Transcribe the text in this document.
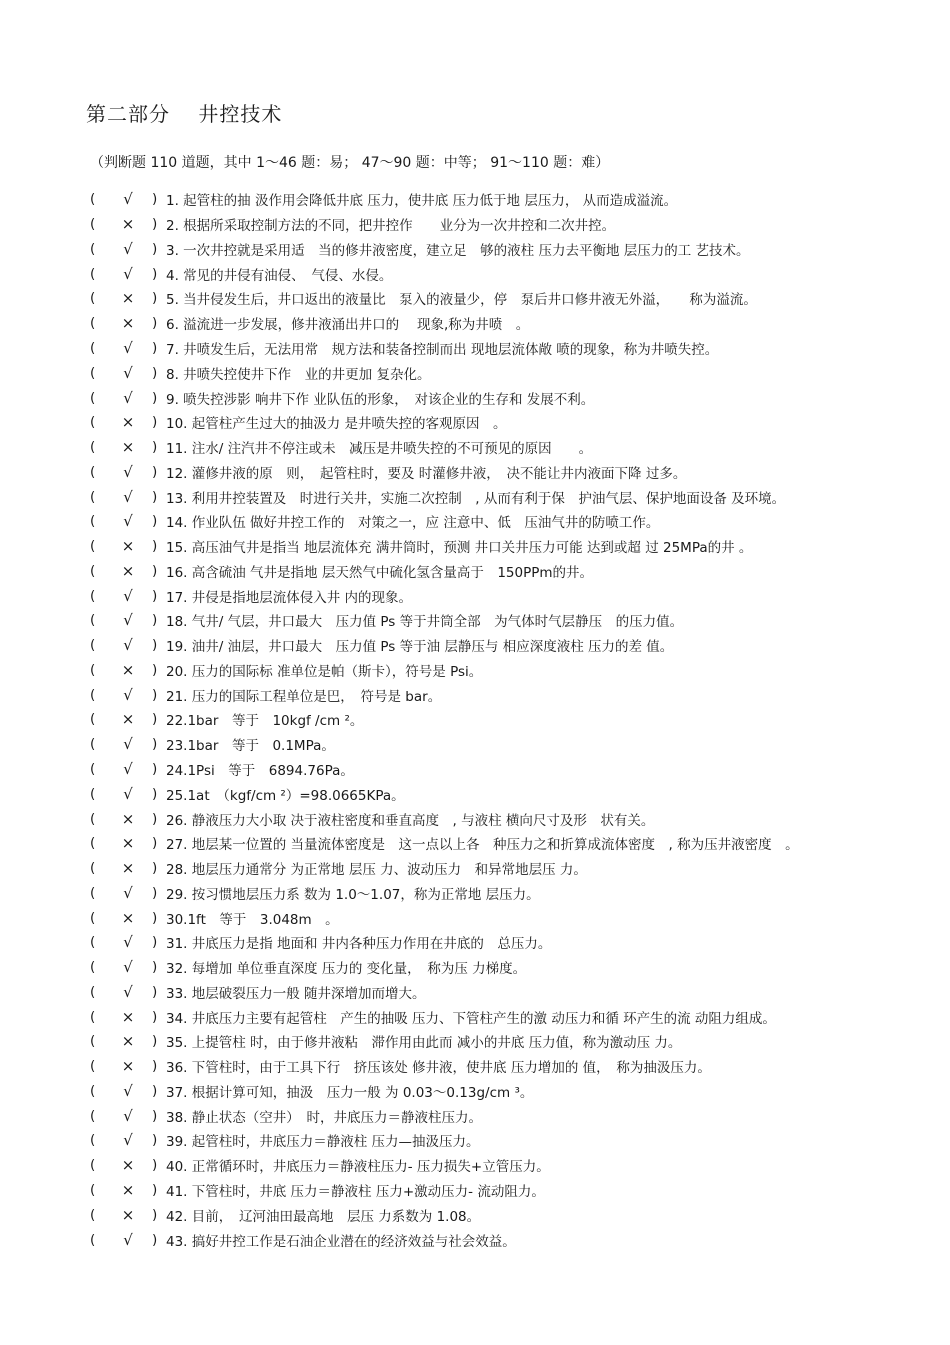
第二部分　 井控技术
（判断题 110 道题，其中 1～46 题：易； 47～90 题：中等； 91～110 题：难）
(	√	) 1. 起管柱的抽 汲作用会降低井底 压力，使井底 压力低于地 层压力， 从而造成溢流。
(	×	) 2. 根据所采取控制方法的不同，把井控作　　业分为一次井控和二次井控。
(	√	) 3. 一次井控就是采用适　当的修井液密度，建立足　够的液柱 压力去平衡地 层压力的工 艺技术。
(	√	) 4. 常见的井侵有油侵、　气侵、水侵。
(	×	) 5. 当井侵发生后，井口返出的液量比　泵入的液量少，停　泵后井口修井液无外溢，　　称为溢流。
(	×	) 6. 溢流进一步发展，修井液涌出井口的　 现象,称为井喷　。
(	√	) 7. 井喷发生后，无法用常　规方法和装备控制而出 现地层流体敞 喷的现象，称为井喷失控。
(	√	) 8. 井喷失控使井下作　业的井更加 复杂化。
(	√	) 9. 喷失控涉影 响井下作 业队伍的形象，　对该企业的生存和 发展不利。
(	×	) 10. 起管柱产生过大的抽汲力 是井喷失控的客观原因　。
(	×	) 11. 注水/ 注汽井不停注或未　减压是井喷失控的不可预见的原因　　。
(	√	) 12. 灌修井液的原　则，　起管柱时，要及 时灌修井液，　决不能让井内液面下降 过多。
(	√	) 13. 利用井控装置及　时进行关井，实施二次控制　, 从而有利于保　护油气层、保护地面设备 及环境。
(	√	) 14. 作业队伍 做好井控工作的　对策之一，应 注意中、低　压油气井的防喷工作。
(	×	) 15. 高压油气井是指当 地层流体充 满井筒时，预测 井口关井压力可能 达到或超 过 25MPa的井 。
(	×	) 16. 高含硫油 气井是指地 层天然气中硫化氢含量高于　150PPm的井。
(	√	) 17. 井侵是指地层流体侵入井 内的现象。
(	√	) 18. 气井/ 气层，井口最大　压力值 Ps 等于井筒全部　为气体时气层静压　的压力值。
(	√	) 19. 油井/ 油层，井口最大　压力值 Ps 等于油 层静压与 相应深度液柱 压力的差 值。
(	×	) 20. 压力的国际标 准单位是帕（斯卡），符号是 Psi。
(	√	) 21. 压力的国际工程单位是巴，　符号是 bar。
(	×	) 22.1bar　等于　10kgf /cm ²。
(	√	) 23.1bar　等于　0.1MPa。
(	√	) 24.1Psi　等于　6894.76Pa。
(	√	) 25.1at　（kgf/cm ²）=98.0665KPa。
(	×	) 26. 静液压力大小取 决于液柱密度和垂直高度　, 与液柱 横向尺寸及形　状有关。
(	×	) 27. 地层某一位置的 当量流体密度是　这一点以上各　种压力之和折算成流体密度　, 称为压井液密度　。
(	×	) 28. 地层压力通常分 为正常地 层压 力、波动压力　和异常地层压 力。
(	√	) 29. 按习惯地层压力系 数为 1.0～1.07，称为正常地 层压力。
(	×	) 30.1ft　等于　3.048m　。
(	√	) 31. 井底压力是指 地面和 井内各种压力作用在井底的　总压力。
(	√	) 32. 每增加 单位垂直深度 压力的 变化量，　称为压 力梯度。
(	√	) 33. 地层破裂压力一般 随井深增加而增大。
(	×	) 34. 井底压力主要有起管柱　产生的抽吸 压力、下管柱产生的激 动压力和循 环产生的流 动阻力组成。
(	×	) 35. 上提管柱 时，由于修井液粘　滞作用由此而 减小的井底 压力值，称为激动压 力。
(	×	) 36. 下管柱时，由于工具下行　挤压该处 修井液，使井底 压力增加的 值，　称为抽汲压力。
(	√	) 37. 根据计算可知，抽汲　压力一般 为 0.03～0.13g/cm ³。
(	√	) 38. 静止状态（空井）　时，井底压力＝静液柱压力。
(	√	) 39. 起管柱时，井底压力＝静液柱 压力—抽汲压力。
(	×	) 40. 正常循环时，井底压力＝静液柱压力- 压力损失+立管压力。
(	×	) 41. 下管柱时，井底 压力＝静液柱 压力+激动压力- 流动阻力。
(	×	) 42. 目前，　辽河油田最高地　层压 力系数为 1.08。
(	√	) 43. 搞好井控工作是石油企业潜在的经济效益与社会效益。
